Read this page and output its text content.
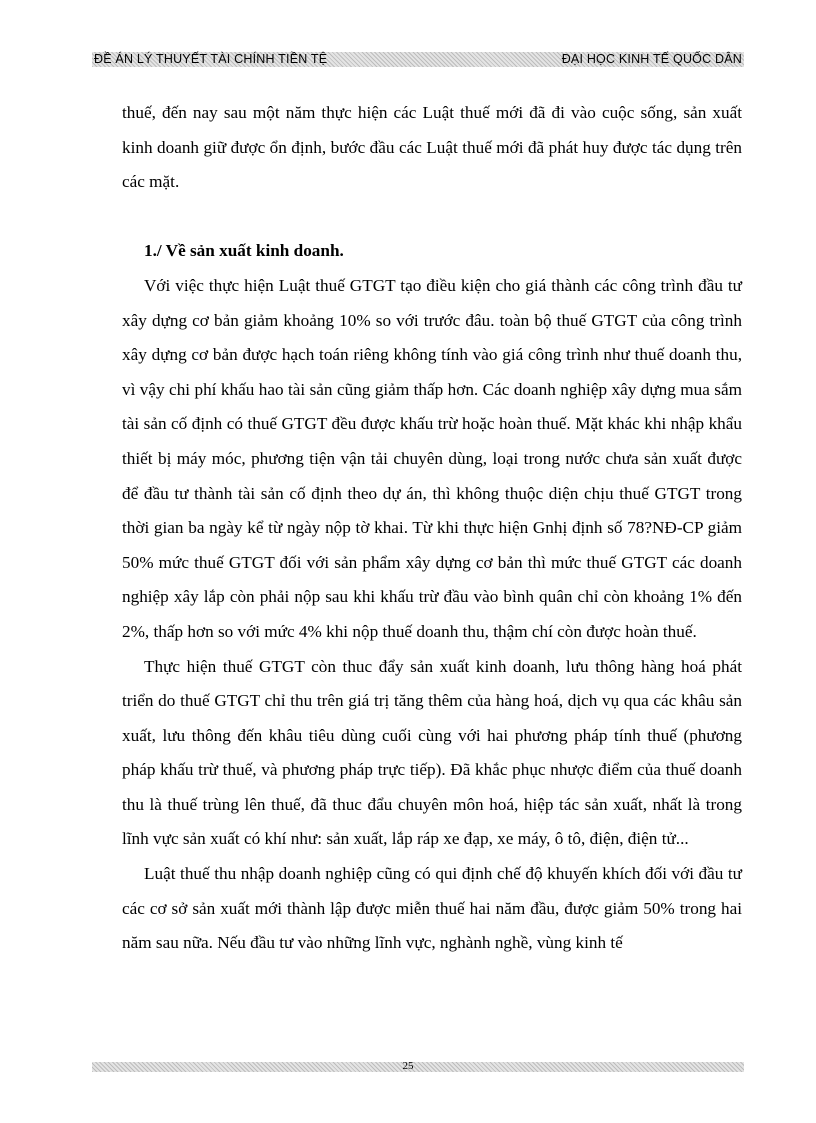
ĐỀ ÁN LÝ THUYẾT TÀI CHÍNH TIỀN TỆ	ĐẠI HỌC KINH TẾ QUỐC DÂN

thuế, đến nay sau một năm thực hiện các Luật thuế mới đã đi vào cuộc sống, sản xuất kinh doanh giữ được ổn định, bước đầu các Luật thuế mới đã phát huy được tác dụng trên các mặt.

1./ Về sản xuất kinh doanh.

Với việc thực hiện Luật thuế GTGT tạo điều kiện cho giá thành các công trình đầu tư xây dựng cơ bản giảm khoảng 10% so với trước đâu. toàn bộ thuế GTGT của công trình xây dựng cơ bản được hạch toán riêng không tính vào giá công trình như thuế doanh thu, vì vậy chi phí khấu hao tài sản cũng giảm thấp hơn. Các doanh nghiệp xây dựng mua sắm tài sản cố định có thuế GTGT đều được khấu trừ hoặc hoàn thuế. Mặt khác khi nhập khẩu thiết bị máy móc, phương tiện vận tải chuyên dùng, loại trong nước chưa sản xuất được để đầu tư thành tài sản cố định theo dự án, thì không thuộc diện chịu thuế GTGT trong thời gian ba ngày kể từ ngày nộp tờ khai. Từ khi thực hiện Gnhị định số 78?NĐ-CP giảm 50% mức thuế GTGT đối với sản phẩm xây dựng cơ bản thì mức thuế GTGT các doanh nghiệp xây lắp còn phải nộp sau khi khấu trừ đầu vào bình quân chỉ còn khoảng 1% đến 2%, thấp hơn so với mức 4% khi nộp thuế doanh thu, thậm chí còn được hoàn thuế.

Thực hiện thuế GTGT còn thuc đẩy sản xuất kinh doanh, lưu thông hàng hoá phát triển do thuế GTGT chỉ thu trên giá trị tăng thêm của hàng hoá, dịch vụ qua các khâu sản xuất, lưu thông đến khâu tiêu dùng cuối cùng với hai phương pháp tính thuế (phương pháp khấu trừ thuế, và phương pháp trực tiếp). Đã khắc phục nhược điểm của thuế doanh thu là thuế trùng lên thuế, đã thuc đẩu chuyên môn hoá, hiệp tác sản xuất, nhất là trong lĩnh vực sản xuất có khí như: sản xuất, lắp ráp xe đạp, xe máy, ô tô, điện, điện tử...

Luật thuế thu nhập doanh nghiệp cũng có qui định chế độ khuyến khích đối với đầu tư các cơ sở sản xuất mới thành lập được miễn thuế hai năm đầu, được giảm 50% trong hai năm sau nữa. Nếu đầu tư vào những lĩnh vực, nghành nghề, vùng kinh tế

25
